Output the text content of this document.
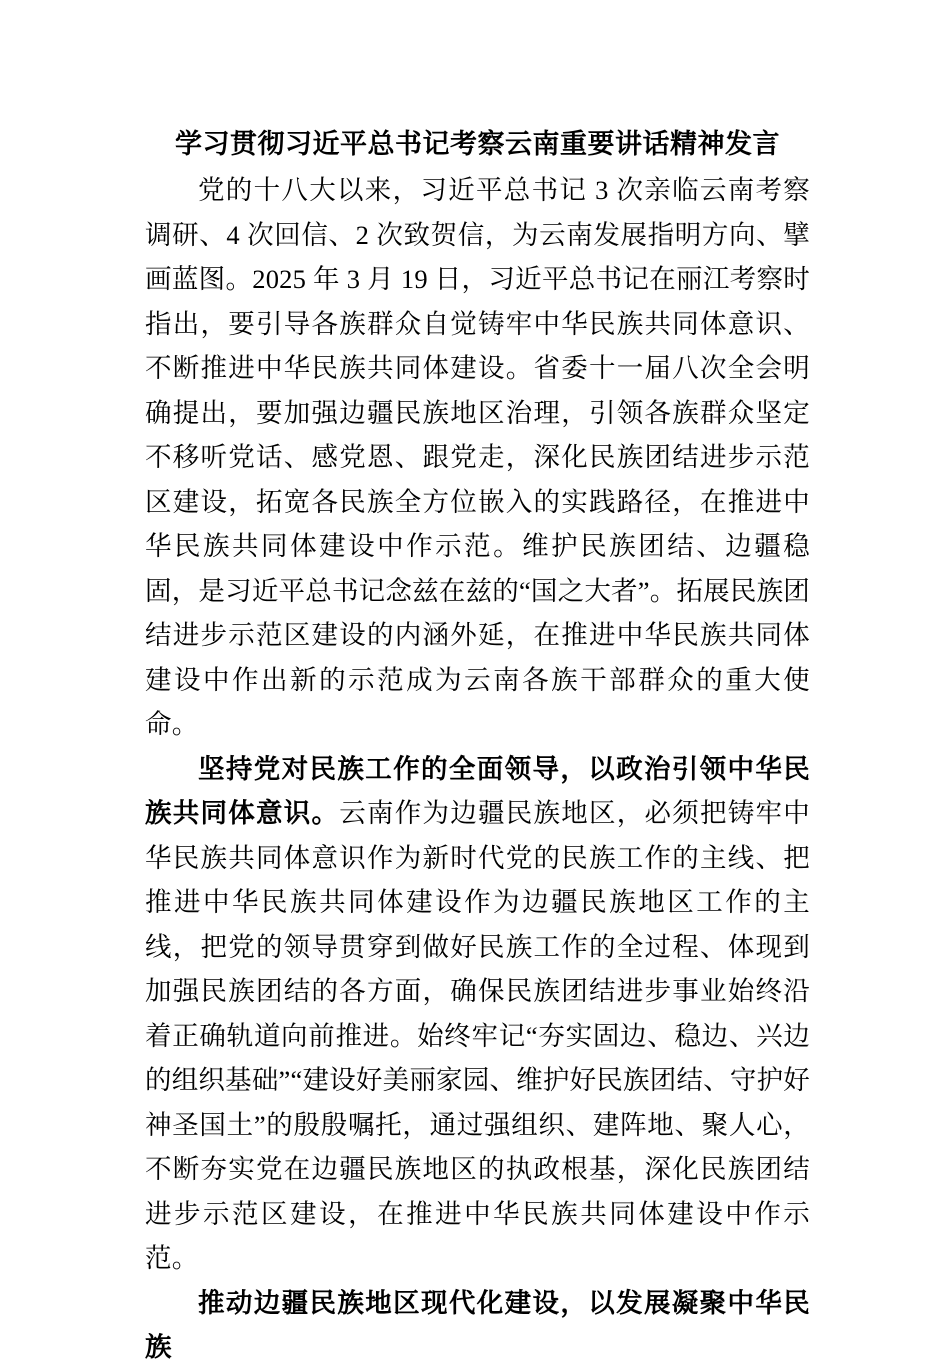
学习贯彻习近平总书记考察云南重要讲话精神发言

党的十八大以来，习近平总书记 3 次亲临云南考察调研、4 次回信、2 次致贺信，为云南发展指明方向、擘画蓝图。2025 年 3 月 19 日，习近平总书记在丽江考察时指出，要引导各族群众自觉铸牢中华民族共同体意识、不断推进中华民族共同体建设。省委十一届八次全会明确提出，要加强边疆民族地区治理，引领各族群众坚定不移听党话、感党恩、跟党走，深化民族团结进步示范区建设，拓宽各民族全方位嵌入的实践路径，在推进中华民族共同体建设中作示范。维护民族团结、边疆稳固，是习近平总书记念兹在兹的“国之大者”。拓展民族团结进步示范区建设的内涵外延，在推进中华民族共同体建设中作出新的示范成为云南各族干部群众的重大使命。

坚持党对民族工作的全面领导，以政治引领中华民族共同体意识。云南作为边疆民族地区，必须把铸牢中华民族共同体意识作为新时代党的民族工作的主线、把推进中华民族共同体建设作为边疆民族地区工作的主线，把党的领导贯穿到做好民族工作的全过程、体现到加强民族团结的各方面，确保民族团结进步事业始终沿着正确轨道向前推进。始终牢记“夯实固边、稳边、兴边的组织基础”“建设好美丽家园、维护好民族团结、守护好神圣国土”的殷殷嘱托，通过强组织、建阵地、聚人心，不断夯实党在边疆民族地区的执政根基，深化民族团结进步示范区建设，在推进中华民族共同体建设中作示范。

推动边疆民族地区现代化建设，以发展凝聚中华民族
